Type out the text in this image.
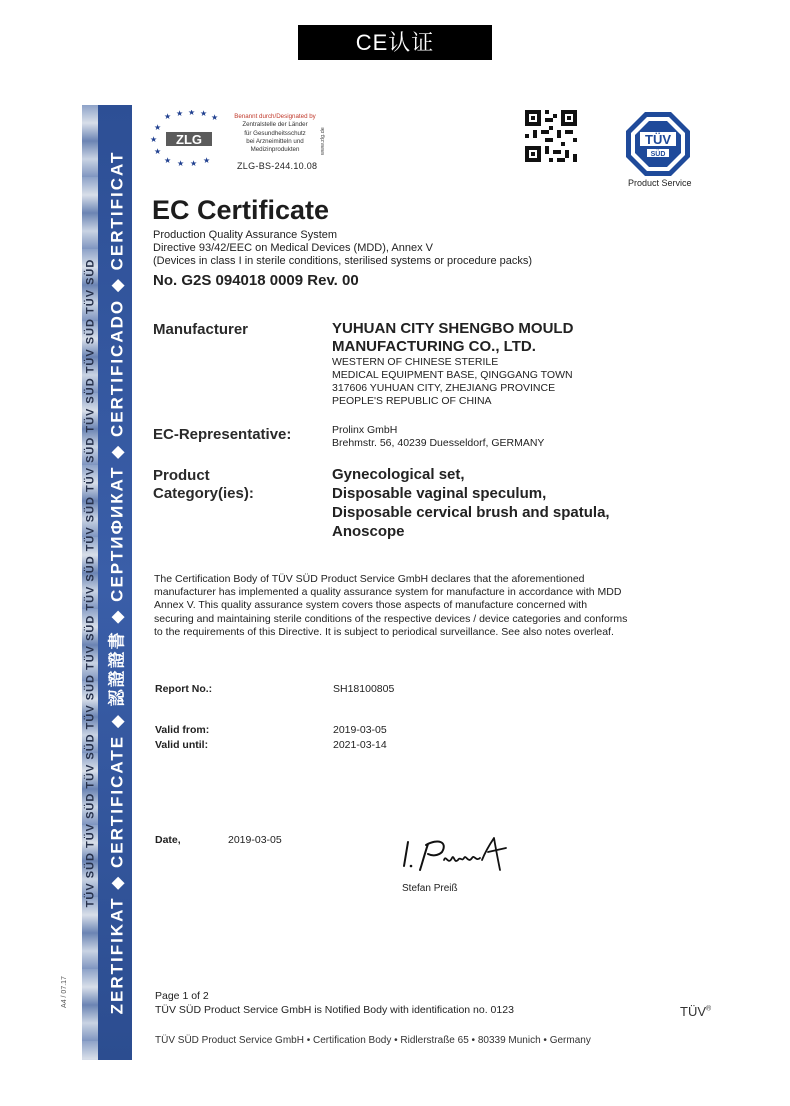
CE认证
TÜV SÜD TÜV SÜD TÜV SÜD TÜV SÜD TÜV SÜD TÜV SÜD TÜV SÜD TÜV SÜD TÜV SÜD TÜV SÜD TÜV SÜD ZERTIFIKAT ◆ CERTIFICATE ◆ 認證證書 ◆ СЕРТИФИКАТ ◆ CERTIFICADO ◆ CERTIFICAT
A4 / 07.17
★ ★ ★ ★ ★
★
★
★
★ ★ ★ ★
ZLG
Benannt durch/Designated by
Zentralstelle der Länder
für Gesundheitsschutz
bei Arzneimitteln und
Medizinprodukten	www.zlg.de
ZLG-BS-244.10.08
TÜV
SÜD
Product Service
EC Certificate
Production Quality Assurance System
Directive 93/42/EEC on Medical Devices (MDD), Annex V
(Devices in class I in sterile conditions, sterilised systems or procedure packs)
No. G2S 094018 0009 Rev. 00
Manufacturer	YUHUAN CITY SHENGBO MOULD
MANUFACTURING CO., LTD.
WESTERN OF CHINESE STERILE
MEDICAL EQUIPMENT BASE, QINGGANG TOWN
317606 YUHUAN CITY, ZHEJIANG PROVINCE
PEOPLE'S REPUBLIC OF CHINA
EC-Representative:	Prolinx GmbH
Brehmstr. 56, 40239 Duesseldorf, GERMANY
Product
Category(ies):
Gynecological set,
Disposable vaginal speculum,
Disposable cervical brush and spatula,
Anoscope
The Certification Body of TÜV SÜD Product Service GmbH declares that the aforementioned
manufacturer has implemented a quality assurance system for manufacture in accordance with MDD
Annex V. This quality assurance system covers those aspects of manufacture concerned with
securing and maintaining sterile conditions of the respective devices / device categories and conforms
to the requirements of this Directive. It is subject to periodical surveillance. See also notes overleaf.
Report No.:	SH18100805
Valid from:	2019-03-05
Valid until:	2021-03-14
Date,	2019-03-05
Stefan Preiß
Page 1 of 2
TÜV SÜD Product Service GmbH is Notified Body with identification no. 0123	TÜV®
TÜV SÜD Product Service GmbH • Certification Body • Ridlerstraße 65 • 80339 Munich • Germany
